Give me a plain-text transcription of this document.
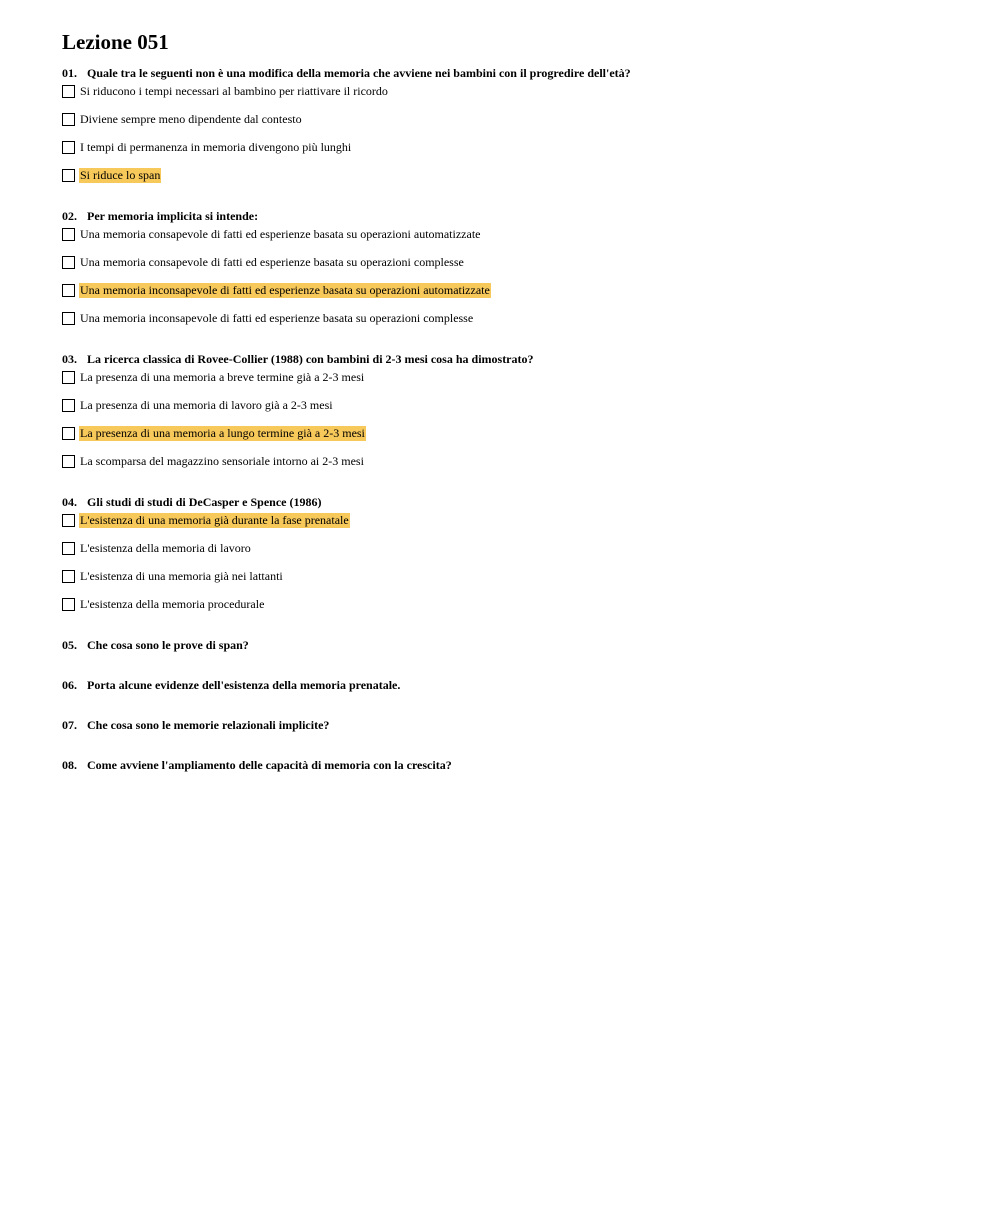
Lezione 051
01. Quale tra le seguenti non è una modifica della memoria che avviene nei bambini con il progredire dell'età?
Si riducono i tempi necessari al bambino per riattivare il ricordo
Diviene sempre meno dipendente dal contesto
I tempi di permanenza in memoria divengono più lunghi
Si riduce lo span
02. Per memoria implicita si intende:
Una memoria consapevole di fatti ed esperienze basata su operazioni automatizzate
Una memoria consapevole di fatti ed esperienze basata su operazioni complesse
Una memoria inconsapevole di fatti ed esperienze basata su operazioni automatizzate
Una memoria inconsapevole di fatti ed esperienze basata su operazioni complesse
03. La ricerca classica di Rovee-Collier (1988) con bambini di 2-3 mesi cosa ha dimostrato?
La presenza di una memoria a breve termine già a 2-3 mesi
La presenza di una memoria di lavoro già a 2-3 mesi
La presenza di una memoria a lungo termine già a 2-3 mesi
La scomparsa del magazzino sensoriale intorno ai 2-3 mesi
04. Gli studi di studi di DeCasper e Spence (1986)
L'esistenza di una memoria già durante la fase prenatale
L'esistenza della memoria di lavoro
L'esistenza di una memoria già nei lattanti
L'esistenza della memoria procedurale
05. Che cosa sono le prove di span?
06. Porta alcune evidenze dell'esistenza della memoria prenatale.
07. Che cosa sono le memorie relazionali implicite?
08. Come avviene l'ampliamento delle capacità di memoria con la crescita?
